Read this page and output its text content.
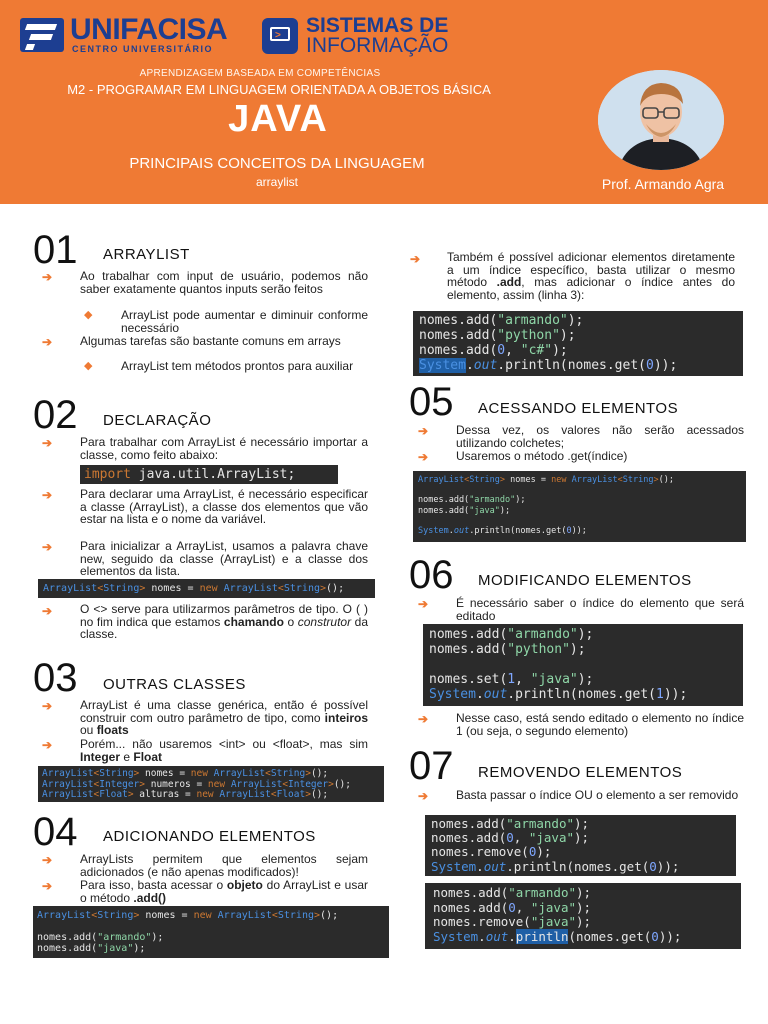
UNIFACISA
CENTRO UNIVERSITÁRIO
> SISTEMAS DE
INFORMAÇÃO
APRENDIZAGEM BASEADA EM COMPETÊNCIAS
M2 - PROGRAMAR EM LINGUAGEM ORIENTADA A OBJETOS BÁSICA
JAVA
PRINCIPAIS CONCEITOS DA LINGUAGEM
arraylist	Prof. Armando Agra
01 ARRAYLIST
➔ Ao trabalhar com input de usuário, podemos não saber exatamente quantos inputs serão feitos
◆ ArrayList pode aumentar e diminuir conforme necessário
➔ Algumas tarefas são bastante comuns em arrays
◆ ArrayList tem métodos prontos para auxiliar
02 DECLARAÇÃO
➔ Para trabalhar com ArrayList é necessário importar a classe, como feito abaixo:
import java.util.ArrayList;
➔ Para declarar uma ArrayList, é necessário especificar a classe (ArrayList), a classe dos elementos que vão estar na lista e o nome da variável.
➔ Para inicializar a ArrayList, usamos a palavra chave new, seguido da classe (ArrayList) e a classe dos elementos da lista.
ArrayList<String> nomes = new ArrayList<String>();
➔ O <> serve para utilizarmos parâmetros de tipo. O ( ) no fim indica que estamos chamando o construtor da classe.
03 OUTRAS CLASSES
➔ ArrayList é uma classe genérica, então é possível construir com outro parâmetro de tipo, como inteiros ou floats
➔ Porém... não usaremos <int> ou <float>, mas sim Integer e Float
ArrayList<String> nomes = new ArrayList<String>();
ArrayList<Integer> numeros = new ArrayList<Integer>();
ArrayList<Float> alturas = new ArrayList<Float>();
04 ADICIONANDO ELEMENTOS
➔ ArrayLists permitem que elementos sejam adicionados (e não apenas modificados)!
➔ Para isso, basta acessar o objeto do ArrayList e usar o método .add()
ArrayList<String> nomes = new ArrayList<String>();

nomes.add("armando");
nomes.add("java");
➔ Também é possível adicionar elementos diretamente a um índice específico, basta utilizar o mesmo método .add, mas adicionar o índice antes do elemento, assim (linha 3):
nomes.add("armando");
nomes.add("python");
nomes.add(0, "c#");
System.out.println(nomes.get(0));
05 ACESSANDO ELEMENTOS
➔ Dessa vez, os valores não serão acessados utilizando colchetes;
➔ Usaremos o método .get(índice)
ArrayList<String> nomes = new ArrayList<String>();

nomes.add("armando");
nomes.add("java");

System.out.println(nomes.get(0));
06 MODIFICANDO ELEMENTOS
➔ É necessário saber o índice do elemento que será editado
nomes.add("armando");
nomes.add("python");

nomes.set(1, "java");
System.out.println(nomes.get(1));
➔ Nesse caso, está sendo editado o elemento no índice 1 (ou seja, o segundo elemento)
07 REMOVENDO ELEMENTOS
➔ Basta passar o índice OU o elemento a ser removido
nomes.add("armando");
nomes.add(0, "java");
nomes.remove(0);
System.out.println(nomes.get(0));
nomes.add("armando");
nomes.add(0, "java");
nomes.remove("java");
System.out.println(nomes.get(0));
